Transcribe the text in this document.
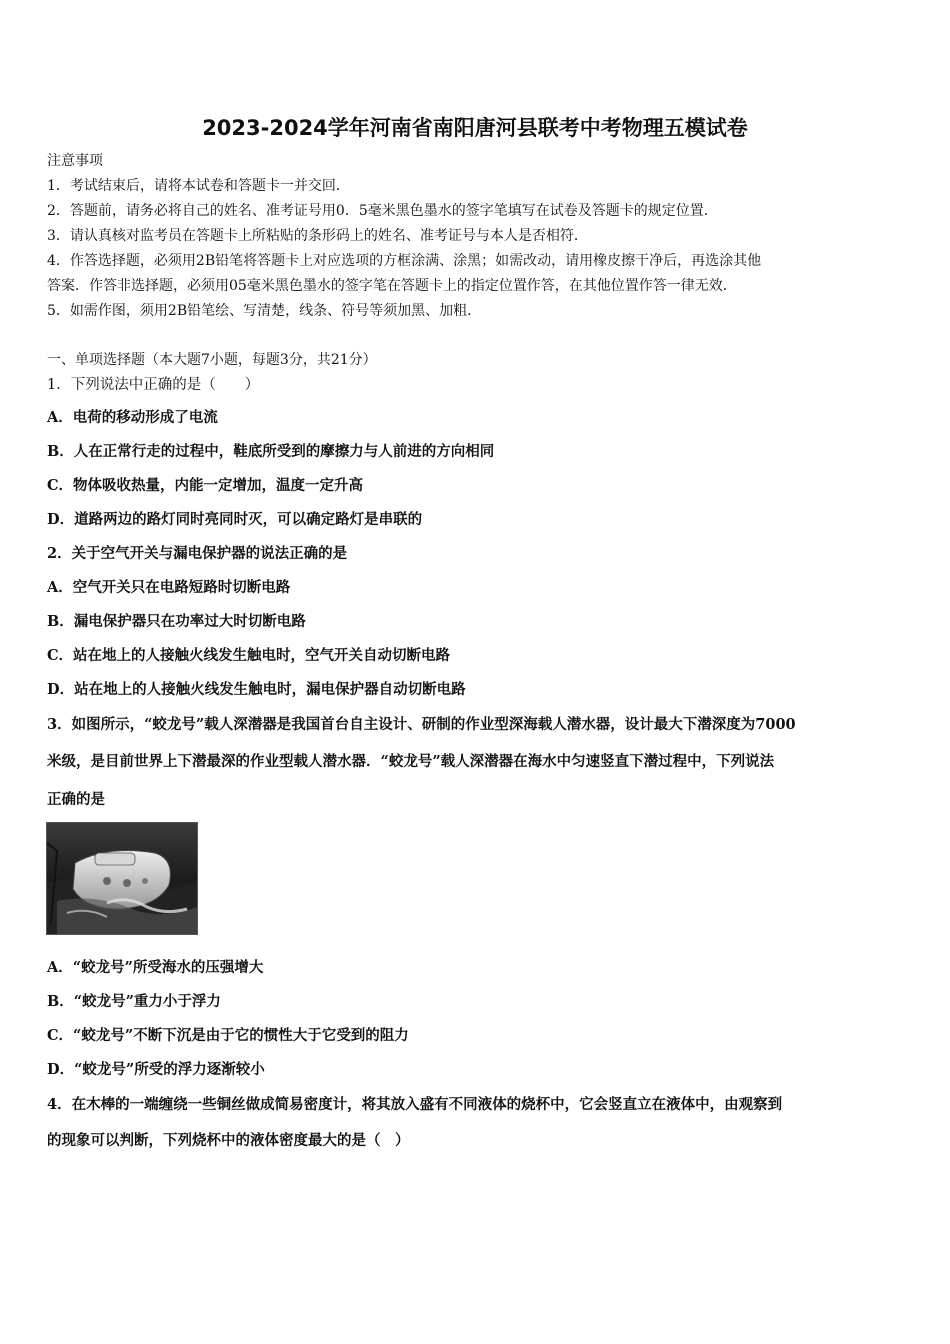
2023-2024学年河南省南阳唐河县联考中考物理五模试卷
注意事项
1．考试结束后，请将本试卷和答题卡一并交回．
2．答题前，请务必将自己的姓名、准考证号用0．5毫米黑色墨水的签字笔填写在试卷及答题卡的规定位置．
3．请认真核对监考员在答题卡上所粘贴的条形码上的姓名、准考证号与本人是否相符．
4．作答选择题，必须用2B铅笔将答题卡上对应选项的方框涂满、涂黑；如需改动，请用橡皮擦干净后，再选涂其他
答案．作答非选择题，必须用05毫米黑色墨水的签字笔在答题卡上的指定位置作答，在其他位置作答一律无效．
5．如需作图，须用2B铅笔绘、写清楚，线条、符号等须加黑、加粗．
一、单项选择题（本大题7小题，每题3分，共21分）
1．下列说法中正确的是（　　）
A．电荷的移动形成了电流
B．人在正常行走的过程中，鞋底所受到的摩擦力与人前进的方向相同
C．物体吸收热量，内能一定增加，温度一定升高
D．道路两边的路灯同时亮同时灭，可以确定路灯是串联的
2．关于空气开关与漏电保护器的说法正确的是
A．空气开关只在电路短路时切断电路
B．漏电保护器只在功率过大时切断电路
C．站在地上的人接触火线发生触电时，空气开关自动切断电路
D．站在地上的人接触火线发生触电时，漏电保护器自动切断电路
3．如图所示，“蛟龙号”载人深潜器是我国首台自主设计、研制的作业型深海载人潜水器，设计最大下潜深度为7000
米级，是目前世界上下潜最深的作业型载人潜水器．“蛟龙号”载人深潜器在海水中匀速竖直下潜过程中，下列说法
正确的是
A．“蛟龙号”所受海水的压强增大
B．“蛟龙号”重力小于浮力
C．“蛟龙号”不断下沉是由于它的惯性大于它受到的阻力
D．“蛟龙号”所受的浮力逐渐较小
4．在木棒的一端缠绕一些铜丝做成简易密度计，将其放入盛有不同液体的烧杯中，它会竖直立在液体中，由观察到
的现象可以判断，下列烧杯中的液体密度最大的是（　）
